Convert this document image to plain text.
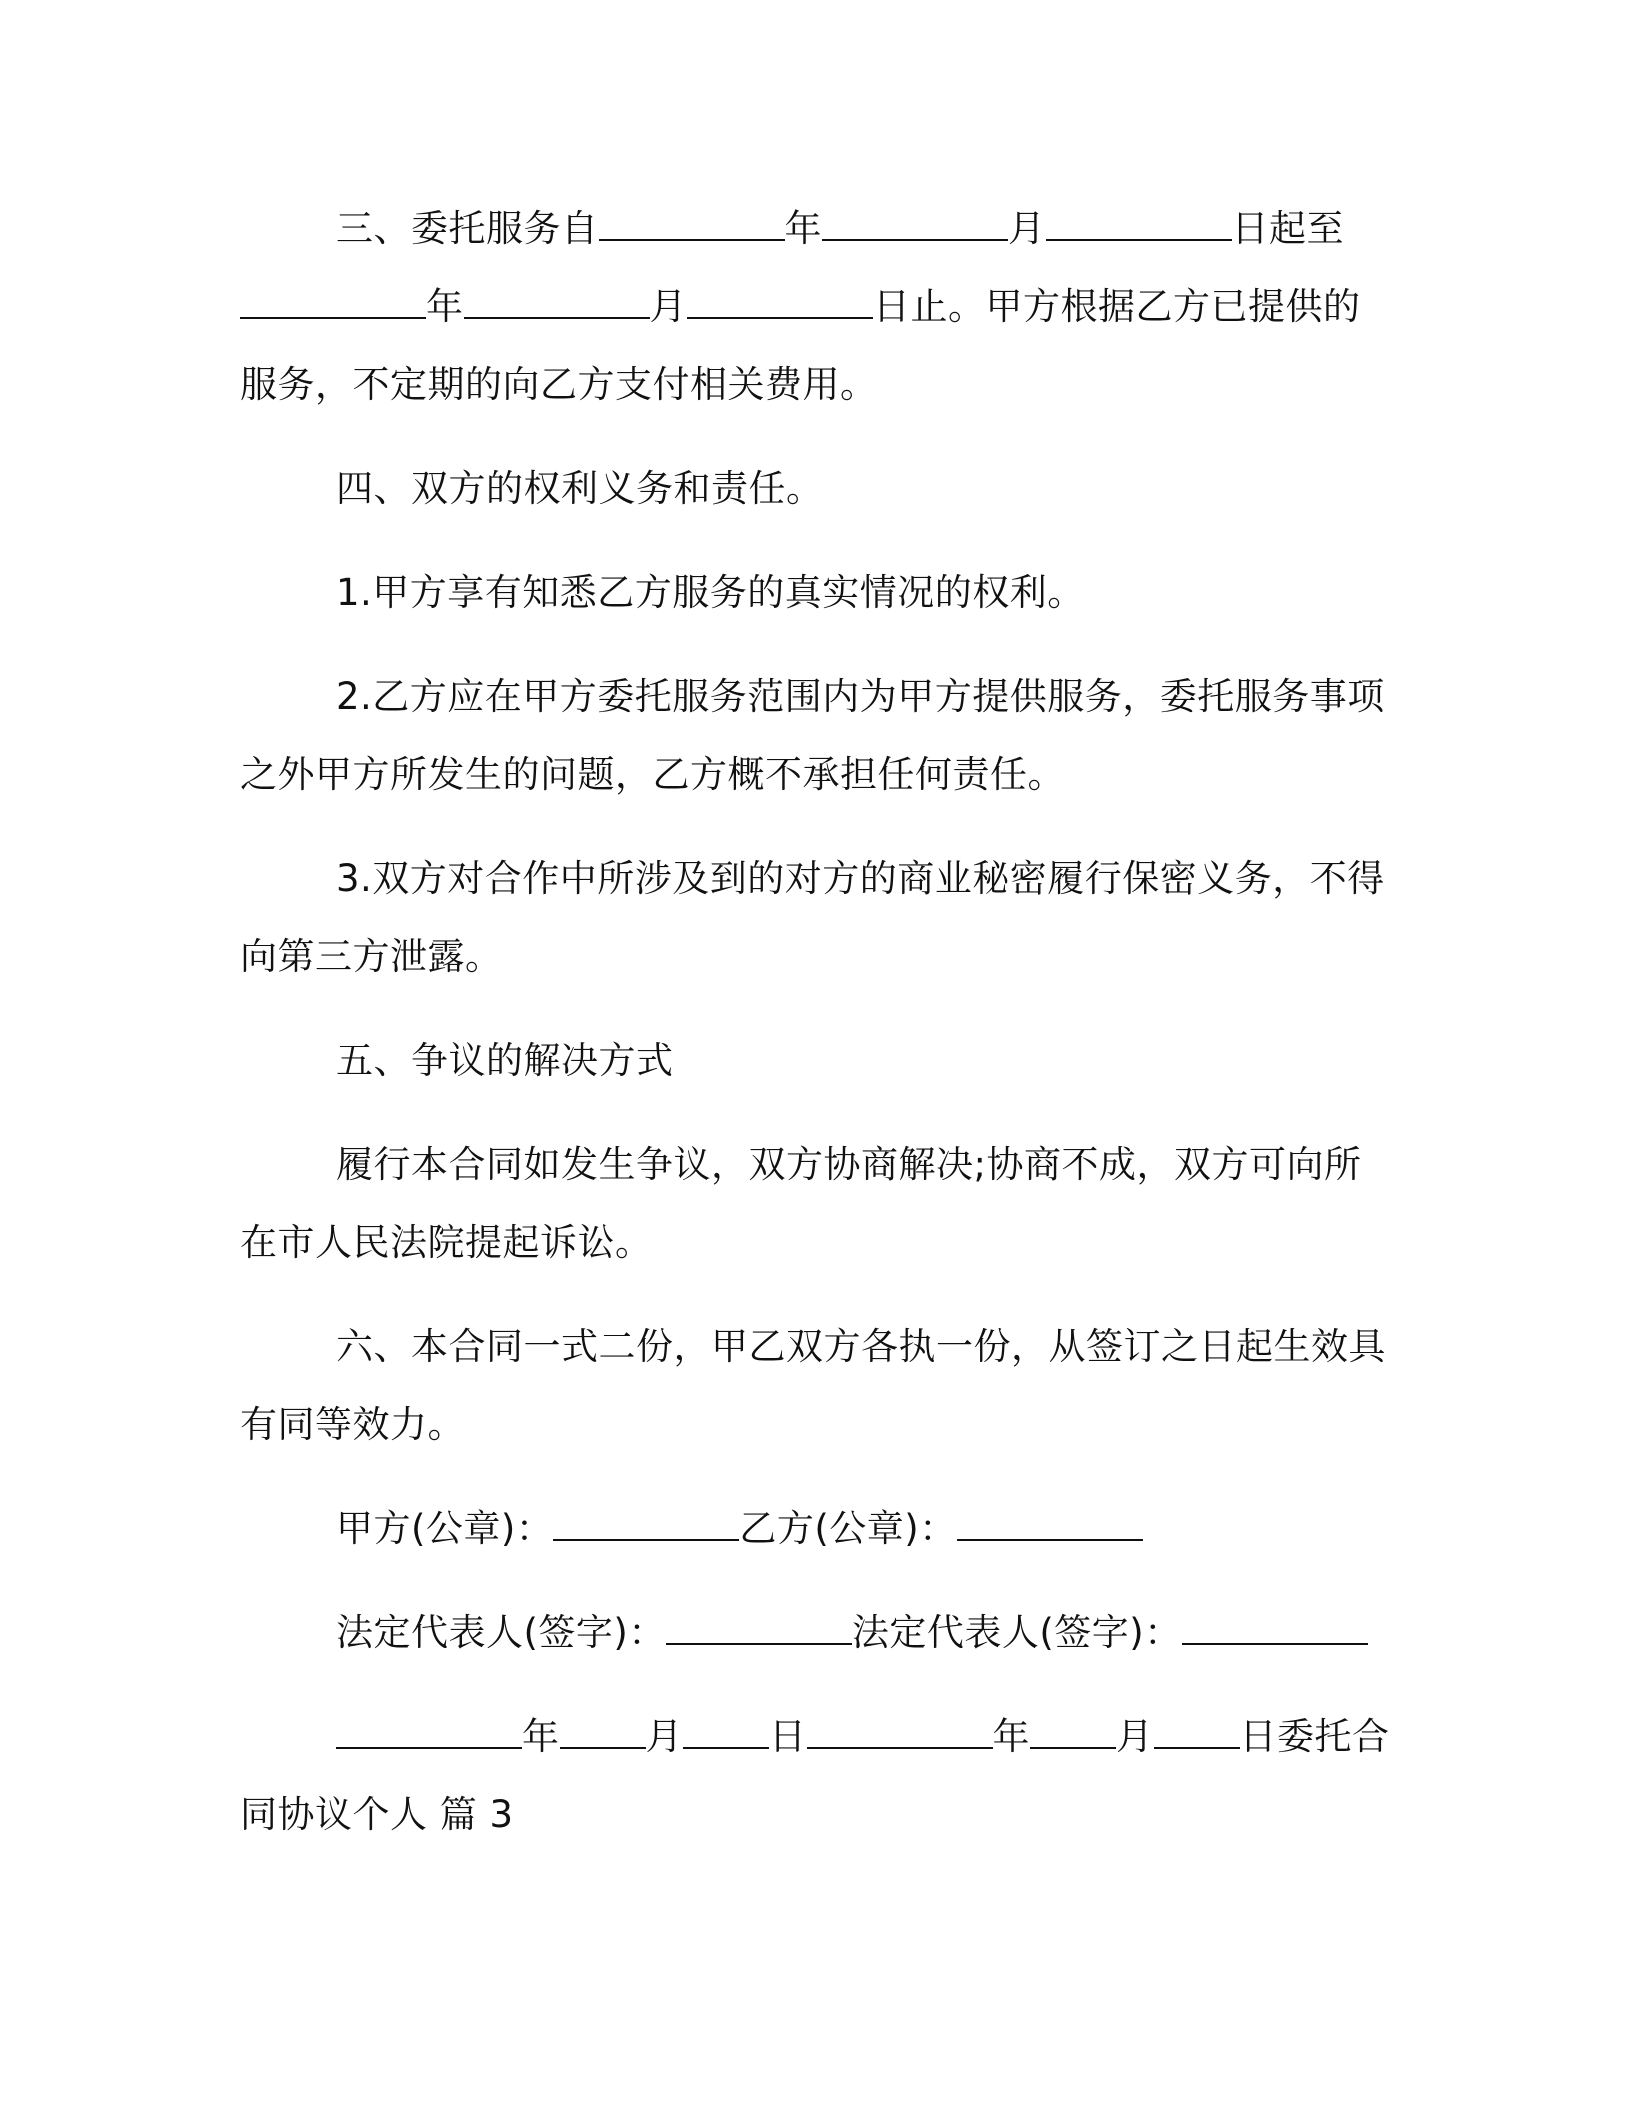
三、委托服务自	年	月	日起至年	月	日止。甲方根据乙方已提供的服务，不定期的向乙方支付相关费用。

四、双方的权利义务和责任。

1.甲方享有知悉乙方服务的真实情况的权利。

2.乙方应在甲方委托服务范围内为甲方提供服务，委托服务事项之外甲方所发生的问题，乙方概不承担任何责任。

3.双方对合作中所涉及到的对方的商业秘密履行保密义务，不得向第三方泄露。

五、争议的解决方式

履行本合同如发生争议，双方协商解决;协商不成，双方可向所在市人民法院提起诉讼。

六、本合同一式二份，甲乙双方各执一份，从签订之日起生效具有同等效力。

甲方(公章)：	乙方(公章)：
法定代表人(签字)：	法定代表人(签字)：

年 月 日	年 月 日委托合同协议个人 篇 3
